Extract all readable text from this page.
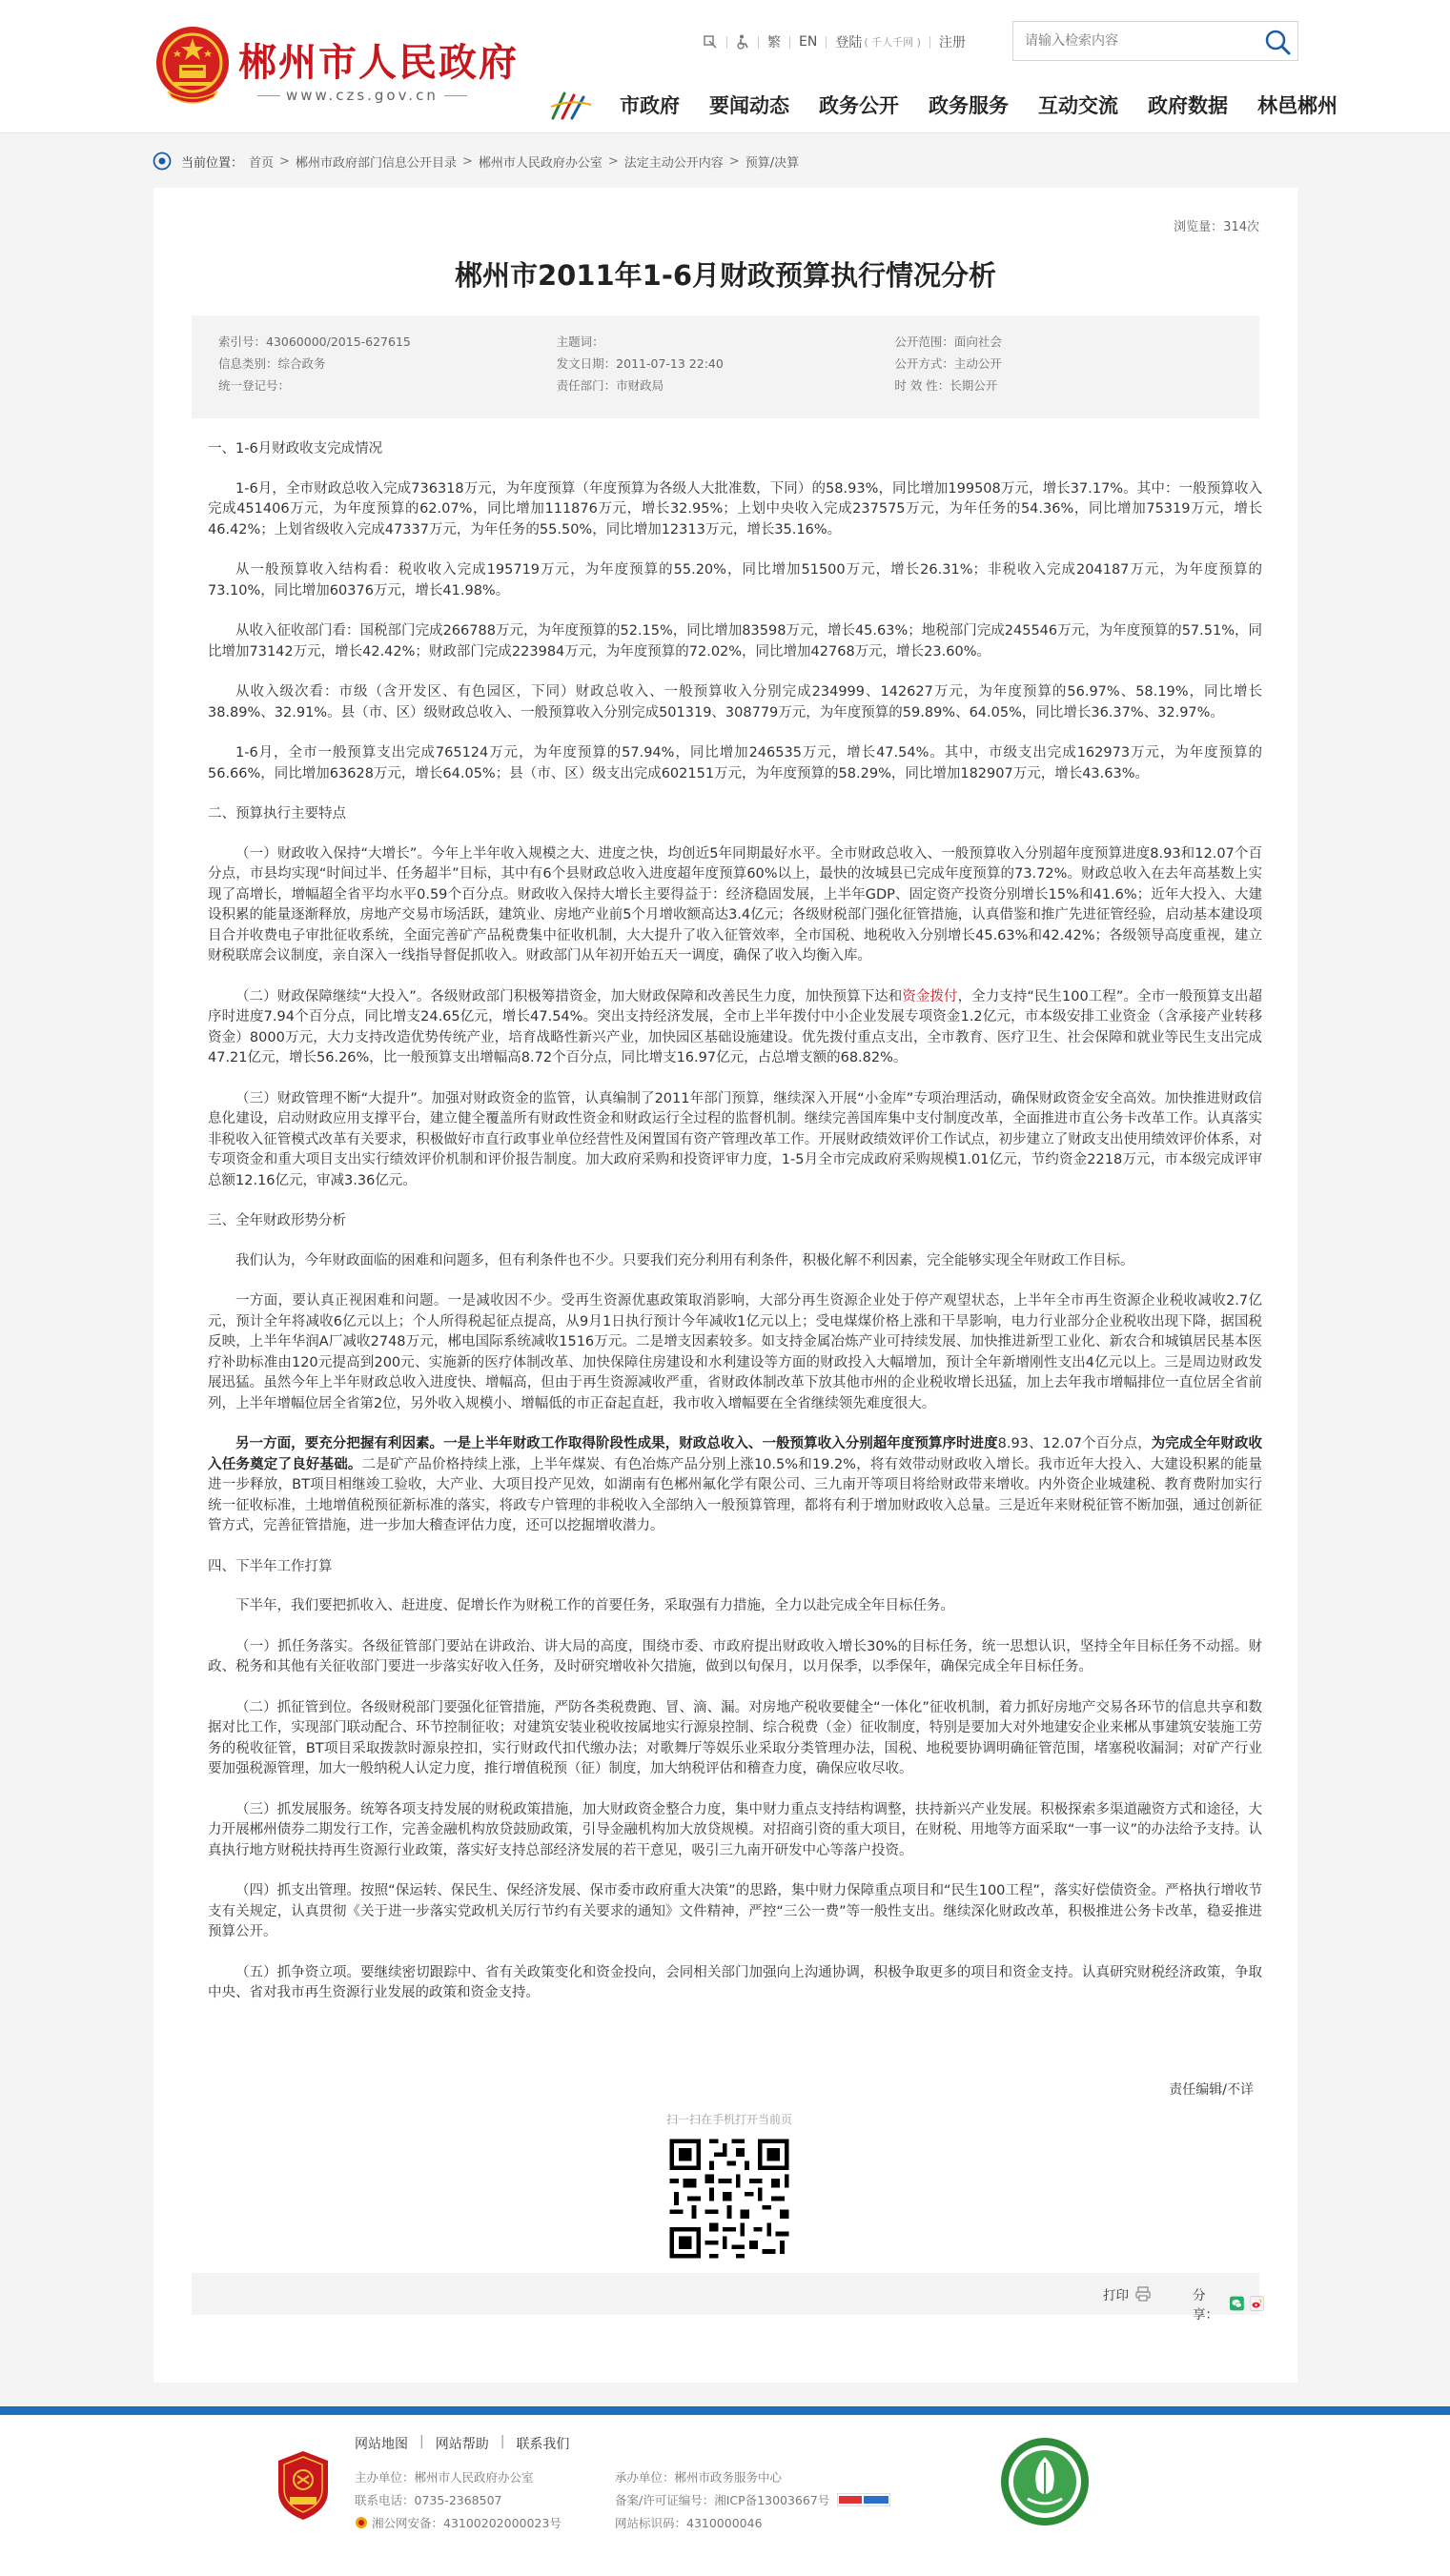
郴州市人民政府
www.czs.gov.cn
繁	EN	登陆 ( 千人千网 )	注册
请输入检索内容
市政府 要闻动态 政务公开 政务服务 互动交流 政府数据 林邑郴州
当前位置： 首页 > 郴州市政府部门信息公开目录 > 郴州市人民政府办公室 > 法定主动公开内容 > 预算/决算
浏览量：314次
郴州市2011年1-6月财政预算执行情况分析
索引号：43060000/2015-627615	主题词：	公开范围：面向社会
信息类别：综合政务	发文日期：2011-07-13 22:40	公开方式：主动公开
统一登记号：	责任部门：市财政局	时 效 性：长期公开
一、1-6月财政收支完成情况
1-6月，全市财政总收入完成736318万元，为年度预算（年度预算为各级人大批准数，下同）的58.93%，同比增加199508万元，增长37.17%。其中：一般预算收入完成451406万元，为年度预算的62.07%，同比增加111876万元，增长32.95%；上划中央收入完成237575万元，为年任务的54.36%，同比增加75319万元，增长46.42%；上划省级收入完成47337万元，为年任务的55.50%，同比增加12313万元，增长35.16%。
从一般预算收入结构看：税收收入完成195719万元，为年度预算的55.20%，同比增加51500万元，增长26.31%；非税收入完成204187万元，为年度预算的73.10%，同比增加60376万元，增长41.98%。
从收入征收部门看：国税部门完成266788万元，为年度预算的52.15%，同比增加83598万元，增长45.63%；地税部门完成245546万元，为年度预算的57.51%，同比增加73142万元，增长42.42%；财政部门完成223984万元，为年度预算的72.02%，同比增加42768万元，增长23.60%。
从收入级次看：市级（含开发区、有色园区，下同）财政总收入、一般预算收入分别完成234999、142627万元，为年度预算的56.97%、58.19%，同比增长38.89%、32.91%。县（市、区）级财政总收入、一般预算收入分别完成501319、308779万元，为年度预算的59.89%、64.05%，同比增长36.37%、32.97%。
1-6月，全市一般预算支出完成765124万元，为年度预算的57.94%，同比增加246535万元，增长47.54%。其中，市级支出完成162973万元，为年度预算的56.66%，同比增加63628万元，增长64.05%；县（市、区）级支出完成602151万元，为年度预算的58.29%，同比增加182907万元，增长43.63%。
二、预算执行主要特点
（一）财政收入保持“大增长”。今年上半年收入规模之大、进度之快，均创近5年同期最好水平。全市财政总收入、一般预算收入分别超年度预算进度8.93和12.07个百分点，市县均实现“时间过半、任务超半”目标，其中有6个县财政总收入进度超年度预算60%以上，最快的汝城县已完成年度预算的73.72%。财政总收入在去年高基数上实现了高增长，增幅超全省平均水平0.59个百分点。财政收入保持大增长主要得益于：经济稳固发展，上半年GDP、固定资产投资分别增长15%和41.6%；近年大投入、大建设积累的能量逐渐释放，房地产交易市场活跃，建筑业、房地产业前5个月增收额高达3.4亿元；各级财税部门强化征管措施，认真借鉴和推广先进征管经验，启动基本建设项目合并收费电子审批征收系统，全面完善矿产品税费集中征收机制，大大提升了收入征管效率，全市国税、地税收入分别增长45.63%和42.42%；各级领导高度重视，建立财税联席会议制度，亲自深入一线指导督促抓收入。财政部门从年初开始五天一调度，确保了收入均衡入库。
（二）财政保障继续“大投入”。各级财政部门积极筹措资金，加大财政保障和改善民生力度，加快预算下达和资金拨付，全力支持“民生100工程”。全市一般预算支出超序时进度7.94个百分点，同比增支24.65亿元，增长47.54%。突出支持经济发展，全市上半年拨付中小企业发展专项资金1.2亿元，市本级安排工业资金（含承接产业转移资金）8000万元，大力支持改造优势传统产业，培育战略性新兴产业，加快园区基础设施建设。优先拨付重点支出，全市教育、医疗卫生、社会保障和就业等民生支出完成47.21亿元，增长56.26%，比一般预算支出增幅高8.72个百分点，同比增支16.97亿元，占总增支额的68.82%。
（三）财政管理不断“大提升”。加强对财政资金的监管，认真编制了2011年部门预算，继续深入开展“小金库”专项治理活动，确保财政资金安全高效。加快推进财政信息化建设，启动财政应用支撑平台，建立健全覆盖所有财政性资金和财政运行全过程的监督机制。继续完善国库集中支付制度改革，全面推进市直公务卡改革工作。认真落实非税收入征管模式改革有关要求，积极做好市直行政事业单位经营性及闲置国有资产管理改革工作。开展财政绩效评价工作试点，初步建立了财政支出使用绩效评价体系，对专项资金和重大项目支出实行绩效评价机制和评价报告制度。加大政府采购和投资评审力度，1-5月全市完成政府采购规模1.01亿元，节约资金2218万元，市本级完成评审总额12.16亿元，审减3.36亿元。
三、全年财政形势分析
我们认为，今年财政面临的困难和问题多，但有利条件也不少。只要我们充分利用有利条件，积极化解不利因素，完全能够实现全年财政工作目标。
一方面，要认真正视困难和问题。一是减收因不少。受再生资源优惠政策取消影响，大部分再生资源企业处于停产观望状态，上半年全市再生资源企业税收减收2.7亿元，预计全年将减收6亿元以上；个人所得税起征点提高，从9月1日执行预计今年减收1亿元以上；受电煤煤价格上涨和干旱影响，电力行业部分企业税收出现下降，据国税反映，上半年华润A厂减收2748万元，郴电国际系统减收1516万元。二是增支因素较多。如支持金属冶炼产业可持续发展、加快推进新型工业化、新农合和城镇居民基本医疗补助标准由120元提高到200元、实施新的医疗体制改革、加快保障住房建设和水利建设等方面的财政投入大幅增加，预计全年新增刚性支出4亿元以上。三是周边财政发展迅猛。虽然今年上半年财政总收入进度快、增幅高，但由于再生资源减收严重，省财政体制改革下放其他市州的企业税收增长迅猛，加上去年我市增幅排位一直位居全省前列，上半年增幅位居全省第2位，另外收入规模小、增幅低的市正奋起直赶，我市收入增幅要在全省继续领先难度很大。
另一方面，要充分把握有利因素。一是上半年财政工作取得阶段性成果，财政总收入、一般预算收入分别超年度预算序时进度8.93、12.07个百分点，为完成全年财政收入任务奠定了良好基础。二是矿产品价格持续上涨，上半年煤炭、有色冶炼产品分别上涨10.5%和19.2%，将有效带动财政收入增长。我市近年大投入、大建设积累的能量进一步释放，BT项目相继竣工验收，大产业、大项目投产见效，如湖南有色郴州氟化学有限公司、三九南开等项目将给财政带来增收。内外资企业城建税、教育费附加实行统一征收标准，土地增值税预征新标准的落实，将政专户管理的非税收入全部纳入一般预算管理，都将有利于增加财政收入总量。三是近年来财税征管不断加强，通过创新征管方式，完善征管措施，进一步加大稽查评估力度，还可以挖掘增收潜力。
四、下半年工作打算
下半年，我们要把抓收入、赶进度、促增长作为财税工作的首要任务，采取强有力措施，全力以赴完成全年目标任务。
（一）抓任务落实。各级征管部门要站在讲政治、讲大局的高度，围绕市委、市政府提出财政收入增长30%的目标任务，统一思想认识，坚持全年目标任务不动摇。财政、税务和其他有关征收部门要进一步落实好收入任务，及时研究增收补欠措施，做到以旬保月，以月保季，以季保年，确保完成全年目标任务。
（二）抓征管到位。各级财税部门要强化征管措施，严防各类税费跑、冒、滴、漏。对房地产税收要健全“一体化”征收机制，着力抓好房地产交易各环节的信息共享和数据对比工作，实现部门联动配合、环节控制征收；对建筑安装业税收按属地实行源泉控制、综合税费（金）征收制度，特别是要加大对外地建安企业来郴从事建筑安装施工劳务的税收征管，BT项目采取拨款时源泉控扣，实行财政代扣代缴办法；对歌舞厅等娱乐业采取分类管理办法，国税、地税要协调明确征管范围，堵塞税收漏洞；对矿产行业要加强税源管理，加大一般纳税人认定力度，推行增值税预（征）制度，加大纳税评估和稽查力度，确保应收尽收。
（三）抓发展服务。统筹各项支持发展的财税政策措施，加大财政资金整合力度，集中财力重点支持结构调整，扶持新兴产业发展。积极探索多渠道融资方式和途径，大力开展郴州债券二期发行工作，完善金融机构放贷鼓励政策，引导金融机构加大放贷规模。对招商引资的重大项目，在财税、用地等方面采取“一事一议”的办法给予支持。认真执行地方财税扶持再生资源行业政策，落实好支持总部经济发展的若干意见，吸引三九南开研发中心等落户投资。
（四）抓支出管理。按照“保运转、保民生、保经济发展、保市委市政府重大决策”的思路，集中财力保障重点项目和“民生100工程”，落实好偿债资金。严格执行增收节支有关规定，认真贯彻《关于进一步落实党政机关厉行节约有关要求的通知》文件精神，严控“三公一费”等一般性支出。继续深化财政改革，积极推进公务卡改革，稳妥推进预算公开。
（五）抓争资立项。要继续密切跟踪中、省有关政策变化和资金投向，会同相关部门加强向上沟通协调，积极争取更多的项目和资金支持。认真研究财税经济政策，争取中央、省对我市再生资源行业发展的政策和资金支持。
责任编辑/不详
扫一扫在手机打开当前页
打印	分享：
网站地图 | 网站帮助 | 联系我们
主办单位：郴州市人民政府办公室	承办单位：郴州市政务服务中心
联系电话：0735-2368507	备案/许可证编号：湘ICP备13003667号
湘公网安备：43100202000023号	网站标识码：4310000046
